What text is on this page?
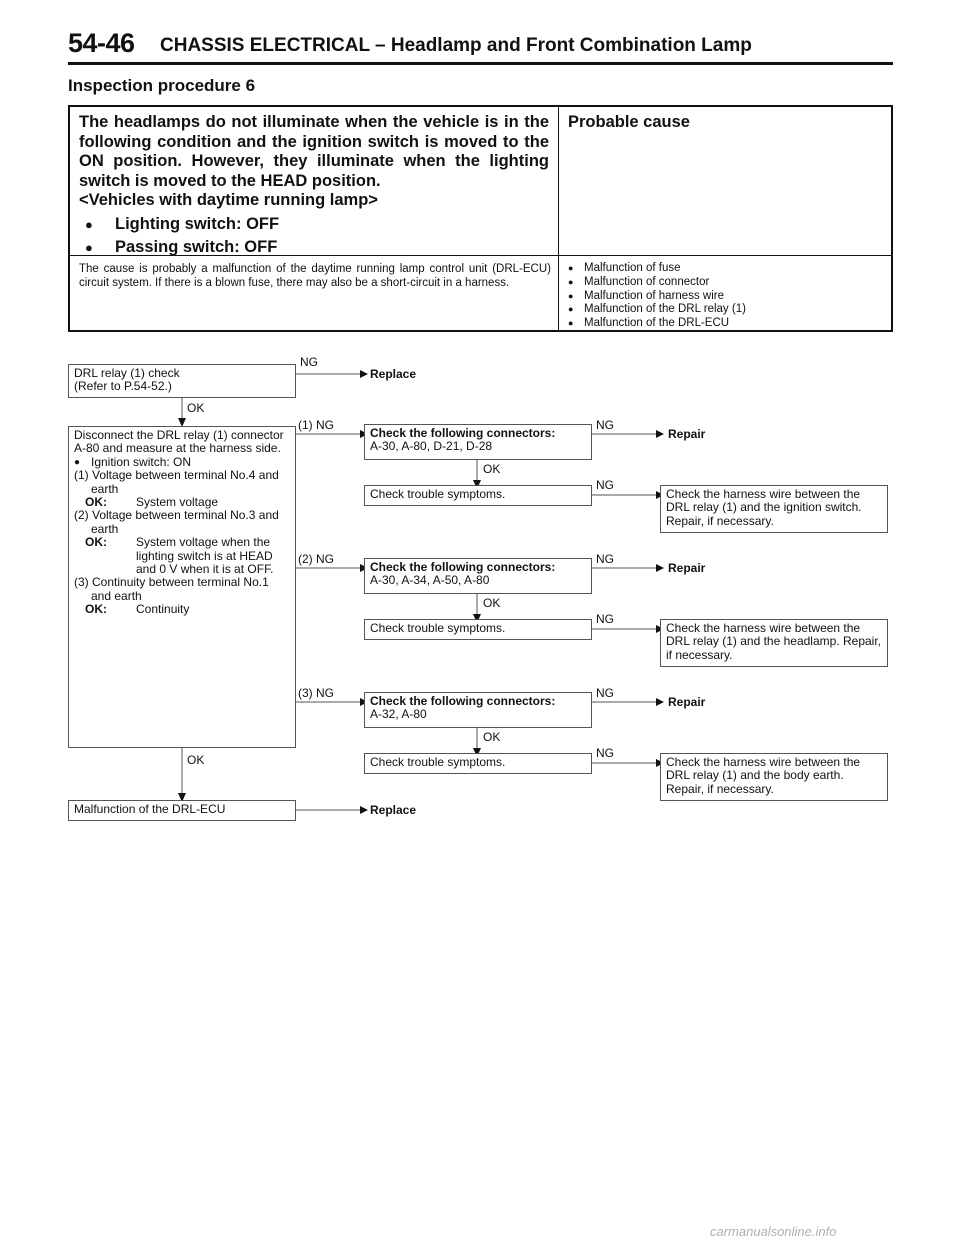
54-46 CHASSIS ELECTRICAL – Headlamp and Front Combination Lamp
Inspection procedure 6
The headlamps do not illuminate when the vehicle is in the following condition and the ignition switch is moved to the ON position. However, they illuminate when the lighting switch is moved to the HEAD position.
<Vehicles with daytime running lamp>
●	Lighting switch: OFF
●	Passing switch: OFF
Probable cause
The cause is probably a malfunction of the daytime running lamp control unit (DRL-ECU) circuit system. If there is a blown fuse, there may also be a short-circuit in a harness.
● Malfunction of fuse
● Malfunction of connector
● Malfunction of harness wire
● Malfunction of the DRL relay (1)
● Malfunction of the DRL-ECU
DRL relay (1) check
(Refer to P.54-52.)
Disconnect the DRL relay (1) connector A-80 and measure at the harness side.
● Ignition switch: ON
(1) Voltage between terminal No.4 and
earth
OK:	System voltage
(2) Voltage between terminal No.3 and
earth
OK:	System voltage when the lighting switch is at HEAD and 0 V when it is at OFF.
(3) Continuity between terminal No.1
and earth
OK:	Continuity
Check the following connectors:
A-30, A-80, D-21, D-28
Check trouble symptoms.	Check the harness wire between the DRL relay (1) and the ignition switch. Repair, if necessary.
Check the following connectors:
A-30, A-34, A-50, A-80
Check trouble symptoms.	Check the harness wire between the DRL relay (1) and the headlamp. Repair, if necessary.
Check the following connectors:
A-32, A-80
Check trouble symptoms.	Check the harness wire between the DRL relay (1) and the body earth. Repair, if necessary.
Malfunction of the DRL-ECU
NG
Replace
OK
(1) NG	NG
Repair
OK
NG
(2) NG	NG
Repair
OK
NG
(3) NG	NG
Repair
OK
NG
OK
Replace
carmanualsonline.info
